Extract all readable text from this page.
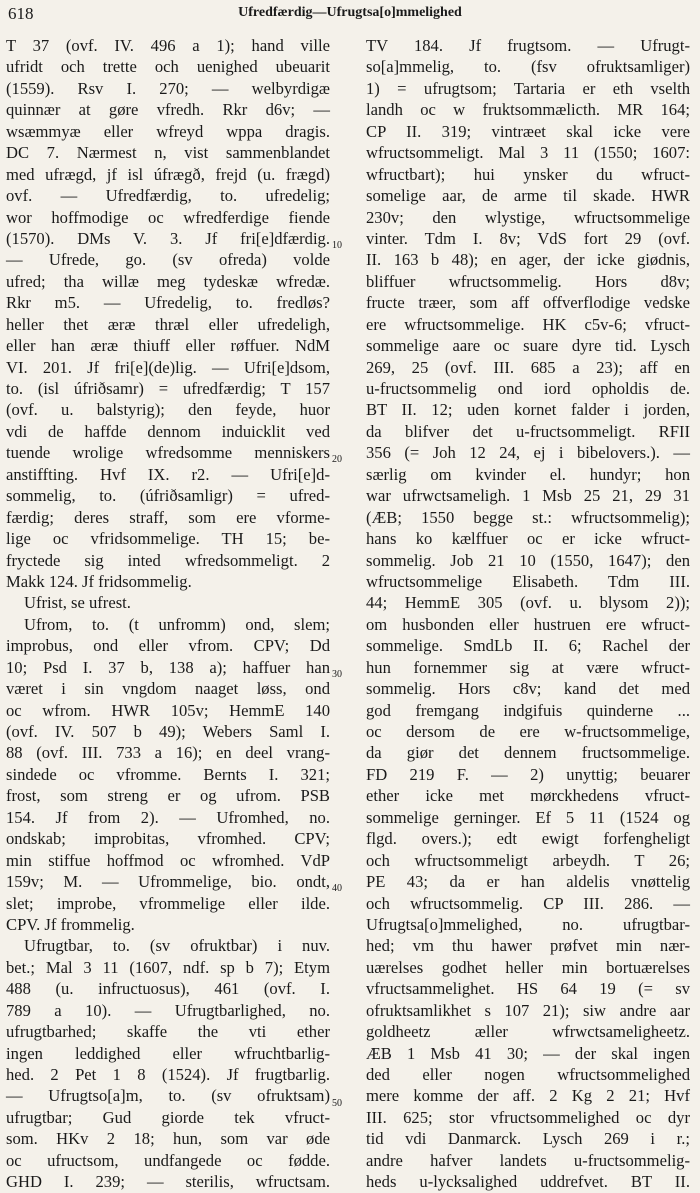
618	Ufredfærdig—Ufrugtsa[o]mmelighed
T 37 (ovf. IV. 496 a 1); hand ville
ufridt och trette och uenighed ubeuarit
(1559). Rsv I. 270; — welbyrdigæ
quinnær at gøre vfredh. Rkr d6v; —
wsæmmyæ eller wfreyd wppa dragis.
DC 7. Nærmest n, vist sammenblandet
med ufrægd, jf isl úfrægð, frejd (u. frægd)
ovf. — Ufredfærdig, to. ufredelig;
wor hoffmodige oc wfredferdige fiende
(1570). DMs V. 3. Jf fri[e]dfærdig.
— Ufrede, go. (sv ofreda) volde
ufred; tha willæ meg tydeskæ wfredæ.
Rkr m5. — Ufredelig, to. fredløs?
heller thet æræ thræl eller ufredeligh,
eller han æræ thiuff eller røffuer. NdM
VI. 201. Jf fri[e](de)lig. — Ufri[e]dsom,
to. (isl úfriðsamr) = ufredfærdig; T 157
(ovf. u. balstyrig); den feyde, huor
vdi de haffde dennom induicklit ved
tuende wrolige wfredsomme menniskers
anstiffting. Hvf IX. r2. — Ufri[e]d-
sommelig, to. (úfriðsamligr) = ufred-
færdig; deres straff, som ere vforme-
lige oc vfridsommelige. TH 15; be-
fryctede sig inted wfredsommeligt. 2
Makk 124. Jf fridsommelig.
Ufrist, se ufrest.
Ufrom, to. (t unfromm) ond, slem;
improbus, ond eller vfrom. CPV; Dd
10; Psd I. 37 b, 138 a); haffuer han
været i sin vngdom naaget løss, ond
oc wfrom. HWR 105v; HemmE 140
(ovf. IV. 507 b 49); Webers Saml I.
88 (ovf. III. 733 a 16); en deel vrang-
sindede oc vfromme. Bernts I. 321;
frost, som streng er og ufrom. PSB
154. Jf from 2). — Ufromhed, no.
ondskab; improbitas, vfromhed. CPV;
min stiffue hoffmod oc wfromhed. VdP
159v; M. — Ufrommelige, bio. ondt,
slet; improbe, vfrommelige eller ilde.
CPV. Jf frommelig.
Ufrugtbar, to. (sv ofruktbar) i nuv.
bet.; Mal 3 11 (1607, ndf. sp b 7); Etym
488 (u. infructuosus), 461 (ovf. I.
789 a 10). — Ufrugtbarlighed, no.
ufrugtbarhed; skaffe the vti ether
ingen leddighed eller wfruchtbarlig-
hed. 2 Pet 1 8 (1524). Jf frugtbarlig.
— Ufrugtso[a]m, to. (sv ofruktsam)
ufrugtbar; Gud giorde tek vfruct-
som. HKv 2 18; hun, som var øde
oc ufructsom, undfangede oc fødde.
GHD I. 239; — sterilis, wfructsam.
TV 184. Jf frugtsom. — Ufrugt-
so[a]mmelig, to. (fsv ofruktsamliger)
1) = ufrugtsom; Tartaria er eth vselth
landh oc w fruktsommælicth. MR 164;
CP II. 319; vintræet skal icke vere
wfructsommeligt. Mal 3 11 (1550; 1607:
wfructbart); hui ynsker du wfruct-
somelige aar, de arme til skade. HWR
230v; den wlystige, wfructsommelige
vinter. Tdm I. 8v; VdS fort 29 (ovf.
II. 163 b 48); en ager, der icke giødnis,
bliffuer wfructsommelig. Hors d8v;
fructe træer, som aff offverflodige vedske
ere wfructsommelige. HK c5v-6; vfruct-
sommelige aare oc suare dyre tid. Lysch
269, 25 (ovf. III. 685 a 23); aff en
u-fructsommelig ond iord opholdis de.
BT II. 12; uden kornet falder i jorden,
da blifver det u-fructsommeligt. RFII
356 (= Joh 12 24, ej i bibelovers.). —
særlig om kvinder el. hundyr; hon
war ufrwctsameligh. 1 Msb 25 21, 29 31
(ÆB; 1550 begge st.: wfructsommelig);
hans ko kælffuer oc er icke wfruct-
sommelig. Job 21 10 (1550, 1647); den
wfructsommelige Elisabeth. Tdm III.
44; HemmE 305 (ovf. u. blysom 2));
om husbonden eller hustruen ere wfruct-
sommelige. SmdLb II. 6; Rachel der
hun fornemmer sig at være wfruct-
sommelig. Hors c8v; kand det med
god fremgang indgifuis quinderne ...
oc dersom de ere w-fructsommelige,
da giør det dennem fructsommelige.
FD 219 F. — 2) unyttig; beuarer
ether icke met mørckhedens vfruct-
sommelige gerninger. Ef 5 11 (1524 og
flgd. overs.); edt ewigt forfengheligt
och wfructsommeligt arbeydh. T 26;
PE 43; da er han aldelis vnøttelig
och wfructsommelig. CP III. 286. —
Ufrugtsa[o]mmelighed, no. ufrugtbar-
hed; vm thu hawer prøfvet min nær-
uærelses godhet heller min bortuærelses
vfructsammelighet. HS 64 19 (= sv
ofruktsamlikhet s 107 21); siw andre aar
goldheetz æller wfrwctsameligheetz.
ÆB 1 Msb 41 30; — der skal ingen
ded eller nogen wfructsommelighed
mere komme der aff. 2 Kg 2 21; Hvf
III. 625; stor vfructsommelighed oc dyr
tid vdi Danmarck. Lysch 269 i r.;
andre hafver landets u-fructsommelig-
heds u-lycksalighed uddrefvet. BT II.
10
20
30
40
50
